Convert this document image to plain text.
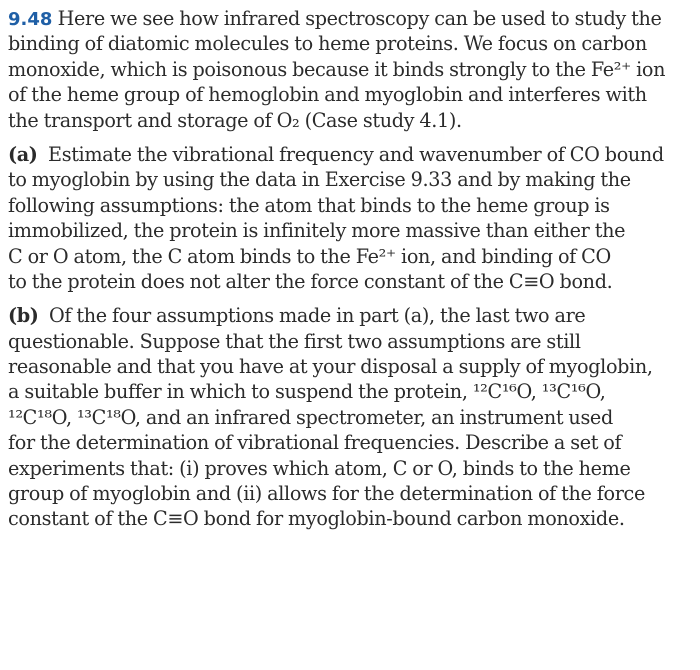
9.48 Here we see how infrared spectroscopy can be used to study the
binding of diatomic molecules to heme proteins. We focus on carbon
monoxide, which is poisonous because it binds strongly to the Fe²⁺ ion
of the heme group of hemoglobin and myoglobin and interferes with
the transport and storage of O₂ (Case study 4.1).
(a) Estimate the vibrational frequency and wavenumber of CO bound
to myoglobin by using the data in Exercise 9.33 and by making the
following assumptions: the atom that binds to the heme group is
immobilized, the protein is infinitely more massive than either the
C or O atom, the C atom binds to the Fe²⁺ ion, and binding of CO
to the protein does not alter the force constant of the C≡O bond.
(b) Of the four assumptions made in part (a), the last two are
questionable. Suppose that the first two assumptions are still
reasonable and that you have at your disposal a supply of myoglobin,
a suitable buffer in which to suspend the protein, ¹²C¹⁶O, ¹³C¹⁶O,
¹²C¹⁸O, ¹³C¹⁸O, and an infrared spectrometer, an instrument used
for the determination of vibrational frequencies. Describe a set of
experiments that: (i) proves which atom, C or O, binds to the heme
group of myoglobin and (ii) allows for the determination of the force
constant of the C≡O bond for myoglobin-bound carbon monoxide.
